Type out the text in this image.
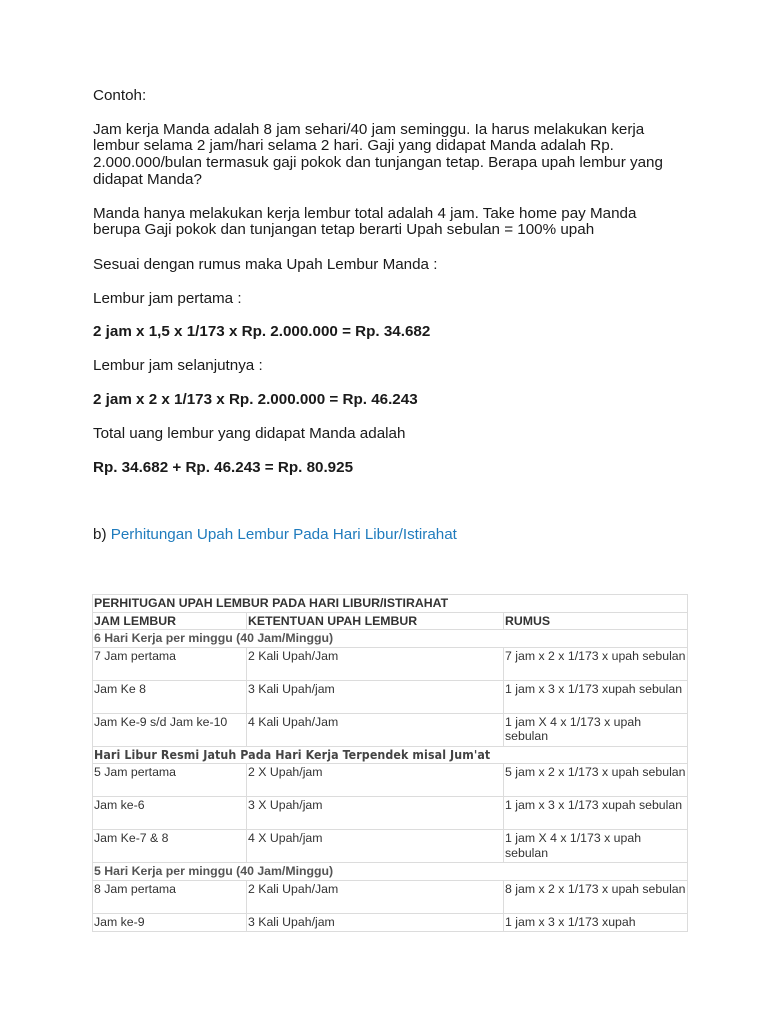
Contoh:
Jam kerja Manda adalah 8 jam sehari/40 jam seminggu. Ia harus melakukan kerja
lembur selama 2 jam/hari selama 2 hari. Gaji yang didapat Manda adalah Rp.
2.000.000/bulan termasuk gaji pokok dan tunjangan tetap. Berapa upah lembur yang
didapat Manda?
Manda hanya melakukan kerja lembur total adalah 4 jam. Take home pay Manda
berupa Gaji pokok dan tunjangan tetap berarti Upah sebulan = 100% upah
Sesuai dengan rumus maka Upah Lembur Manda :
Lembur jam pertama :
2 jam x 1,5 x 1/173 x Rp. 2.000.000 = Rp. 34.682
Lembur jam selanjutnya :
2 jam x 2 x 1/173 x Rp. 2.000.000 = Rp. 46.243
Total uang lembur yang didapat Manda adalah
Rp. 34.682 + Rp. 46.243 = Rp. 80.925
b) Perhitungan Upah Lembur Pada Hari Libur/Istirahat
PERHITUGAN UPAH LEMBUR PADA HARI LIBUR/ISTIRAHAT		
JAM LEMBUR	KETENTUAN UPAH LEMBUR	RUMUS
6 Hari Kerja per minggu (40 Jam/Minggu)		
7 Jam pertama	2 Kali Upah/Jam	7 jam x 2 x 1/173 x upah sebulan
Jam Ke 8	3 Kali Upah/jam	1 jam x 3 x 1/173 xupah sebulan
Jam Ke-9 s/d Jam ke-10	4 Kali Upah/Jam	1 jam X 4 x 1/173 x upah sebulan
Hari Libur Resmi Jatuh Pada Hari Kerja Terpendek misal Jum'at		
5 Jam pertama	2 X Upah/jam	5 jam x 2 x 1/173 x upah sebulan
Jam ke-6	3 X Upah/jam	1 jam x 3 x 1/173 xupah sebulan
Jam Ke-7 & 8	4 X Upah/jam	1 jam X 4 x 1/173 x upah sebulan
5 Hari Kerja per minggu (40 Jam/Minggu)		
8 Jam pertama	2 Kali Upah/Jam	8 jam x 2 x 1/173 x upah sebulan
Jam ke-9	3 Kali Upah/jam	1 jam x 3 x 1/173 xupah
